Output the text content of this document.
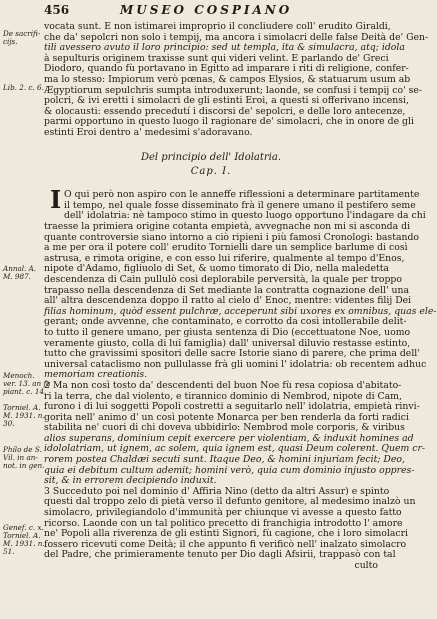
456	MUSEO COSPIANO
De sacrifi-
cijs.
Lib. 2. c. 6.
Annal. A.
M. 987.
Menoch.
ver. 13. an fa
piant. c. 14.
Torniel. A.
M. 1931. n.
30.
Phílo de S.
Vil. in an-
not. in gen.
Genef. c. x.
Torniel. A.
M. 1931. n.
51.
vocata sunt. E non istimarei improprio il concliudere coll' erudito Giraldi,
che da' sepolcri non solo i tempij, ma ancora i simolacri delle false Deità de' Gen-
tili avessero avuto il loro principio: sed ut templa, ita & simulacra, atq; idola
à sepulturis originem traxisse sunt qui videri velint. E parlando de' Greci
Diodoro, quando fù portavano in Egitto ad imparare i riti di religione, confer-
ma lo stesso: Impiorum verò pœnas, & campos Elysios, & statuarum usum ab
Ægyptiorum sepulchris sumpta introduxerunt; laonde, se confusi i tempij co' se-
polcri, & ivi eretti i simolacri de gli estinti Eroi, a questi si offerivano incensi,
& olocausti: essendo precedutí i discorsi de' sepolcri, e delle loro antecenze,
parmi opportuno in questo luogo il ragionare de' simolacri, che in onore de gli
estinti Eroi dentro a' medesimi s'adoravano.
Del principio dell' Idolatria.
Cap. I.
I O qui però non aspiro con le anneffe riflessioni a determinare partitamente
il tempo, nel quale fosse disseminato frà il genere umano il pestifero seme
dell' idolatria: nè tampoco stimo in questo luogo opportuno l'indagare da chi
traesse la primiera origine cotanta empietà, avvegnache non mi si asconda di
quante controversie siano intorno a ciò ripieni i più famosi Cronologi: bastando
a me per ora il potere coll' erudito Tornielli dare un semplice barlume di così
astrusa, e rimota origine, e con esso lui riferire, qualmente al tempo d'Enos,
nipote d'Adamo, figliuolo di Set, & uomo timorato di Dio, nella maledetta
descendenza di Cain pullulò così deplorabile perversità, la quale per troppo
trapasso nella descendenza di Set mediante la contratta cognazione dell' una
all' altra descendenza doppo il ratto al cielo d' Enoc, mentre: videntes filij Dei
filias hominum, quòd essent pulchræ, acceperunt sibi uxores ex omnibus, quas ele-
gerant; onde avvenne, che contaminato, e corrotto da così intollerabile delit-
to tutto il genere umano, per giusta sentenza di Dio (eccettuatone Noe, uomo
veramente giusto, colla di lui famiglia) dall' universal diluvio restasse estinto,
tutto che gravissimi spositori delle sacre Istorie siano di parere, che prima dell'
universal cataclismo non pullulasse frà gli uomini l' idolatria: ob recentem adhuc
memoriam creationis.
2 Ma non così tosto da' descendenti del buon Noe fù resa copiosa d'abitato-
ri la terra, che dal violento, e tirannico dominio di Nembrod, nipote di Cam,
furono i di lui soggetti Popoli costretti a seguitarlo nell' idolatria, empietà rinvi-
gorita nell' animo d' un così potente Monarca per ben renderla da forti radici
stabilita ne' cuori di chi doveva ubbidirlo: Nembrod mole corporis, & viribus
alios superans, dominium cepit exercere per violentiam, & induxit homines ad
idololatriam, ut ignem, ac solem, quia ignem est, quasi Deum colerent. Quem cr-
rorem postea Chaldæi secuti sunt. Itaque Deo, & homini injuriam fecit; Deo,
quia ei debitum cultum ademit; homini verò, quia cum dominio injusto oppres-
sit, & in errorem decipiendo induxit.
3 Succeduto poi nel dominio d' Affiria Nino (detto da altri Assur) e spinto
questi dal troppo zelo di pietà verso il defunto genitore, al medesimo inalzò un
simolacro, privilegiandolo d'immunità per chiunque vi avesse a questo fatto
ricorso. Laonde con un tal politico precetto di franchigia introdotto l' amore
ne' Popoli alla riverenza de gli estinti Signori, fù cagione, che i loro simolacri
fossero ricevuti come Deità; il che appunto fi verificò nell' inalzato simolacro
del Padre, che primieramente tenuto per Dio dagli Afsirii, trappasò con tal
culto
